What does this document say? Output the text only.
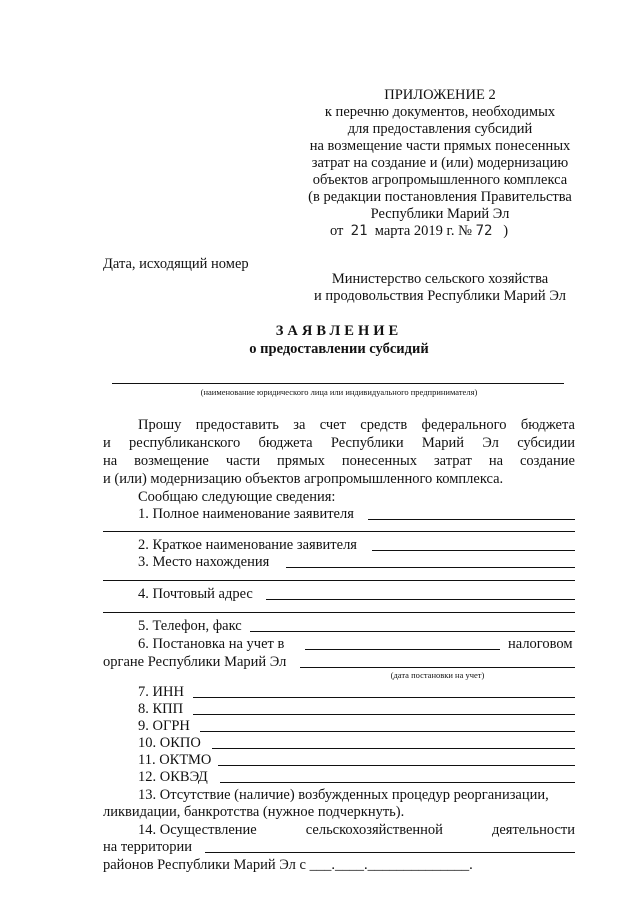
ПРИЛОЖЕНИЕ 2
к перечню документов, необходимых
для предоставления субсидий
на возмещение части прямых понесенных
затрат на создание и (или) модернизацию
объектов агропромышленного комплекса
(в редакции постановления Правительства
Республики Марий Эл
от 21 марта 2019 г. № 72 )
Дата, исходящий номер
Министерство сельского хозяйства
и продовольствия Республики Марий Эл
ЗАЯВЛЕНИЕ
о предоставлении субсидий
(наименование юридического лица или индивидуального предпринимателя)
Прошу предоставить за счет средств федерального бюджета
и республиканского бюджета Республики Марий Эл субсидии
на возмещение части прямых понесенных затрат на создание
и (или) модернизацию объектов агропромышленного комплекса.
Сообщаю следующие сведения:
1. Полное наименование заявителя
2. Краткое наименование заявителя
3. Место нахождения
4. Почтовый адрес
5. Телефон, факс
6. Постановка на учет в	налоговом
органе Республики Марий Эл
(дата постановки на учет)
7. ИНН
8. КПП
9. ОГРН
10. ОКПО
11. ОКТМО
12. ОКВЭД
13. Отсутствие (наличие) возбужденных процедур реорганизации,
ликвидации, банкротства (нужное подчеркнуть).
14. Осуществление	сельскохозяйственной	деятельности
на территории
районов Республики Марий Эл с ___.____.______________.
